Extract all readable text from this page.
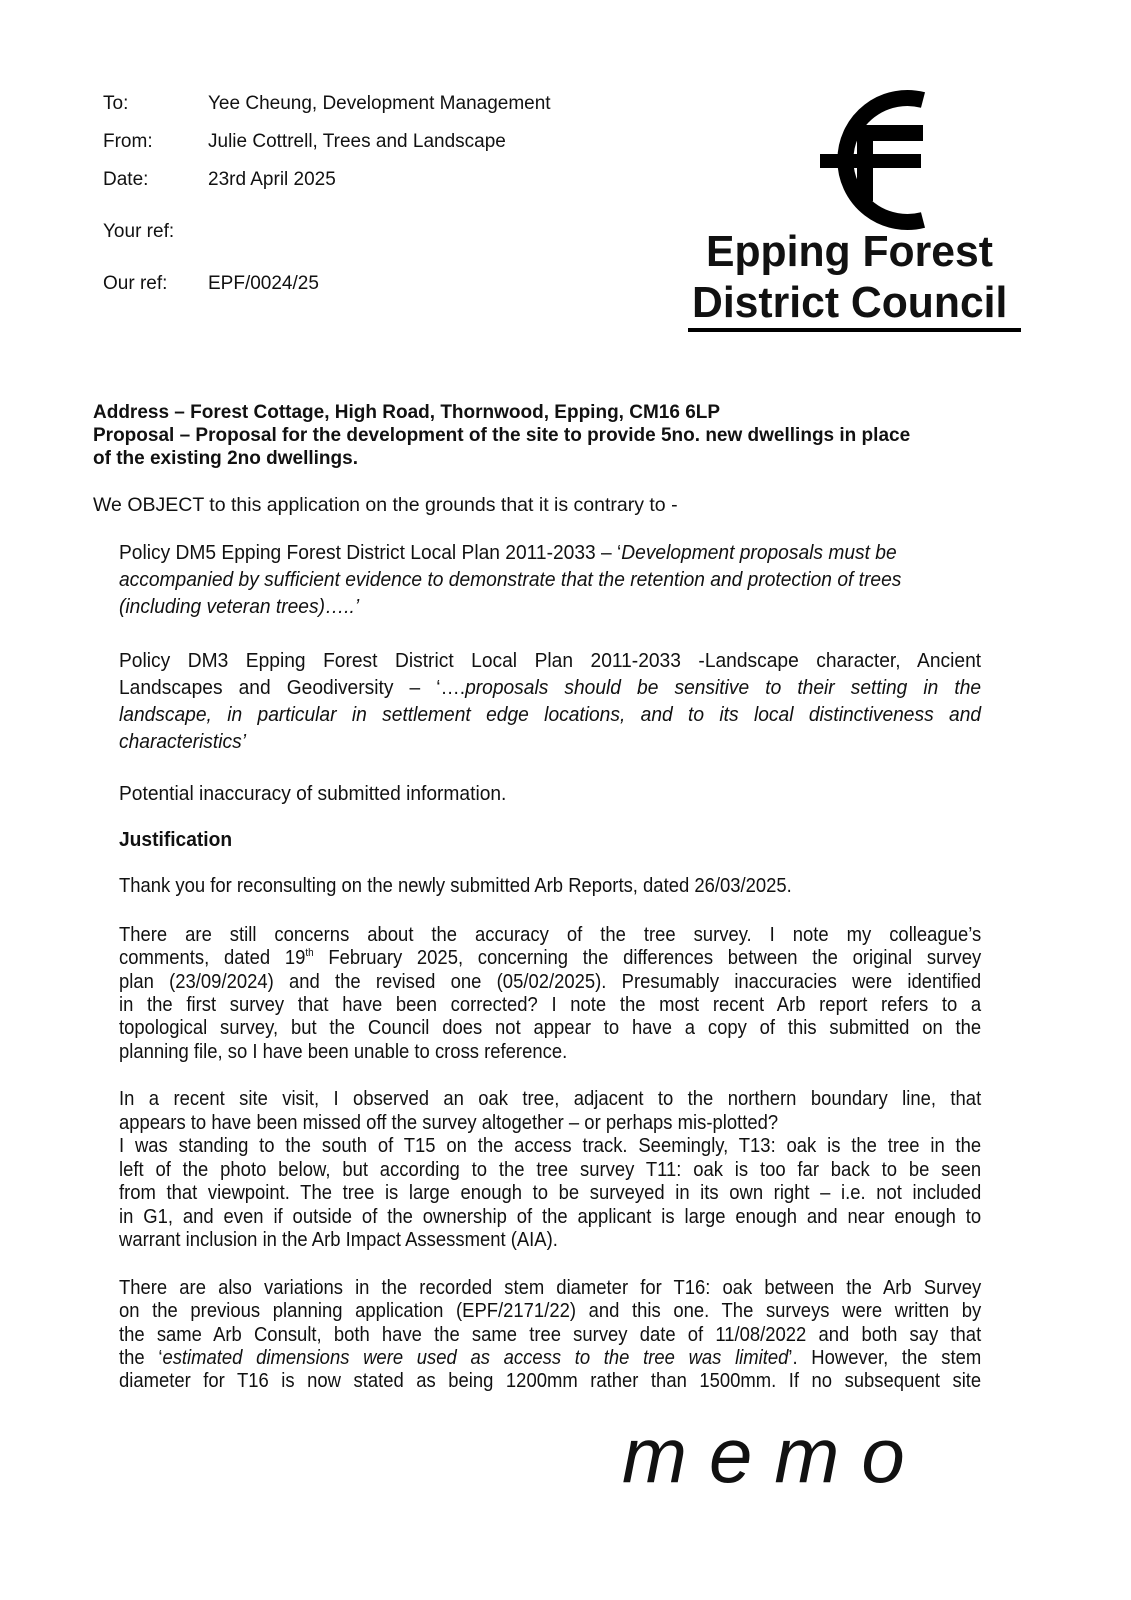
To:	Yee Cheung, Development Management
From:	Julie Cottrell, Trees and Landscape
Date:	23rd April 2025
Your ref:
Our ref: EPF/0024/25
Epping Forest
District Council
Address – Forest Cottage, High Road, Thornwood, Epping, CM16 6LP
Proposal – Proposal for the development of the site to provide 5no. new dwellings in place
of the existing 2no dwellings.
We OBJECT to this application on the grounds that it is contrary to -
Policy DM5 Epping Forest District Local Plan 2011-2033 – ‘Development proposals must be
accompanied by sufficient evidence to demonstrate that the retention and protection of trees
(including veteran trees)…..’
Policy DM3 Epping Forest District Local Plan 2011-2033 -Landscape character, Ancient
Landscapes and Geodiversity – ‘….proposals should be sensitive to their setting in the
landscape, in particular in settlement edge locations, and to its local distinctiveness and
characteristics’
Potential inaccuracy of submitted information.
Justification
Thank you for reconsulting on the newly submitted Arb Reports, dated 26/03/2025.
There are still concerns about the accuracy of the tree survey. I note my colleague’s
comments, dated 19th February 2025, concerning the differences between the original survey
plan (23/09/2024) and the revised one (05/02/2025). Presumably inaccuracies were identified
in the first survey that have been corrected? I note the most recent Arb report refers to a
topological survey, but the Council does not appear to have a copy of this submitted on the
planning file, so I have been unable to cross reference.
In a recent site visit, I observed an oak tree, adjacent to the northern boundary line, that
appears to have been missed off the survey altogether – or perhaps mis-plotted?
I was standing to the south of T15 on the access track. Seemingly, T13: oak is the tree in the
left of the photo below, but according to the tree survey T11: oak is too far back to be seen
from that viewpoint. The tree is large enough to be surveyed in its own right – i.e. not included
in G1, and even if outside of the ownership of the applicant is large enough and near enough to
warrant inclusion in the Arb Impact Assessment (AIA).
There are also variations in the recorded stem diameter for T16: oak between the Arb Survey
on the previous planning application (EPF/2171/22) and this one. The surveys were written by
the same Arb Consult, both have the same tree survey date of 11/08/2022 and both say that
the ‘estimated dimensions were used as access to the tree was limited’. However, the stem
diameter for T16 is now stated as being 1200mm rather than 1500mm. If no subsequent site
memo
